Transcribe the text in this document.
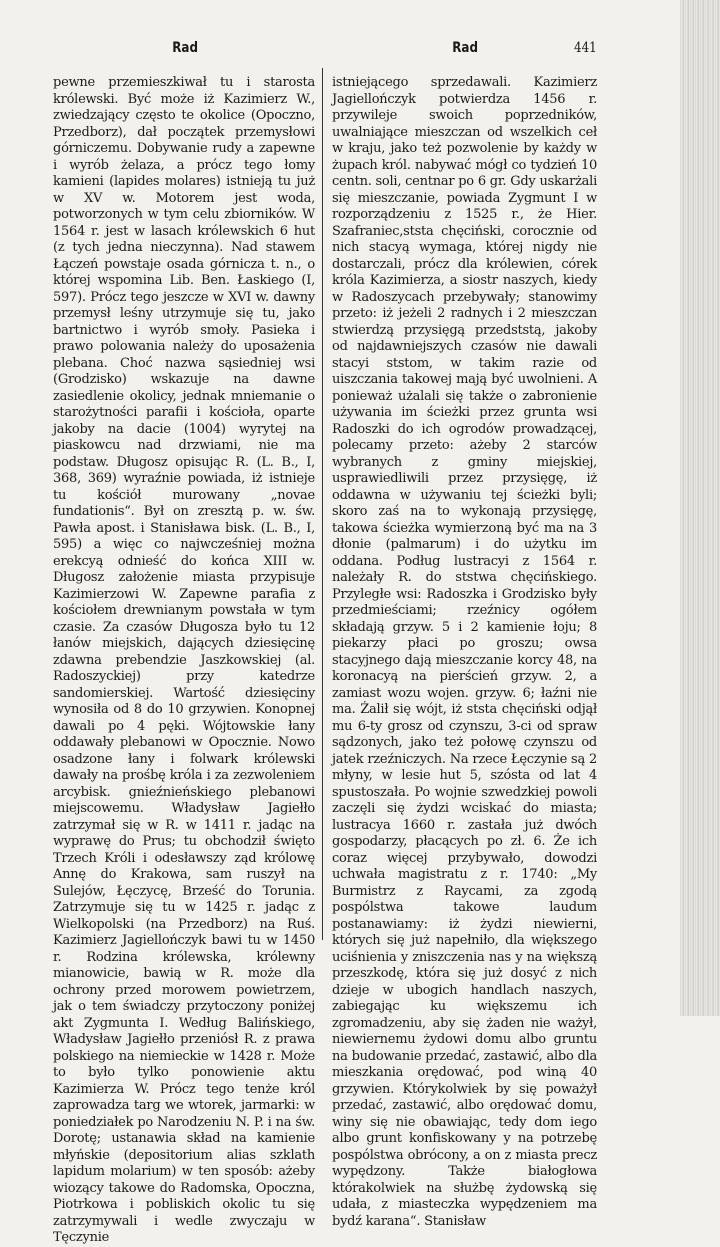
Rad	Rad	441

pewne przemieszkiwał tu i starosta królewski. Być może iż Kazimierz W., zwiedzający często te okolice (Opoczno, Przedborz), dał początek przemysłowi górniczemu. Dobywanie rudy a zapewne i wyrób żelaza, a prócz tego łomy kamieni (lapides molares) istnieją tu już w XV w. Motorem jest woda, potworzonych w tym celu zbiorników. W 1564 r. jest w lasach królewskich 6 hut (z tych jedna nieczynna). Nad stawem Łączeń powstaje osada górnicza t. n., o której wspomina Lib. Ben. Łaskiego (I, 597). Prócz tego jeszcze w XVI w. dawny przemysł leśny utrzymuje się tu, jako bartnictwo i wyrób smoły. Pasieka i prawo polowania należy do uposażenia plebana. Choć nazwa sąsiedniej wsi (Grodzisko) wskazuje na dawne zasiedlenie okolicy, jednak mniemanie o starożytności parafii i kościoła, oparte jakoby na dacie (1004) wyrytej na piaskowcu nad drzwiami, nie ma podstaw. Długosz opisując R. (L. B., I, 368, 369) wyraźnie powiada, iż istnieje tu kościół murowany „novae fundationis“. Był on zresztą p. w. św. Pawła apost. i Stanisława bisk. (L. B., I, 595) a więc co najwcześniej można erekcyą odnieść do końca XIII w. Długosz założenie miasta przypisuje Kazimierzowi W. Zapewne parafia z kościołem drewnianym powstała w tym czasie. Za czasów Długosza było tu 12 łanów miejskich, dających dziesięcinę zdawna prebendzie Jaszkowskiej (al. Radoszyckiej) przy katedrze sandomierskiej. Wartość dziesięciny wynosiła od 8 do 10 grzywien. Konopnej dawali po 4 pęki. Wójtowskie łany oddawały plebanowi w Opocznie. Nowo osadzone łany i folwark królewski dawały na prośbę króla i za zezwoleniem arcybisk. gnieźnieńskiego plebanowi miejscowemu. Władysław Jagiełło zatrzymał się w R. w 1411 r. jadąc na wyprawę do Prus; tu obchodził święto Trzech Króli i odesławszy ząd królowę Annę do Krakowa, sam ruszył na Sulejów, Łęczycę, Brześć do Torunia. Zatrzymuje się tu w 1425 r. jadąc z Wielkopolski (na Przedborz) na Ruś. Kazimierz Jagiellończyk bawi tu w 1450 r. Rodzina królewska, królewny mianowicie, bawią w R. może dla ochrony przed morowem powietrzem, jak o tem świadczy przytoczony poniżej akt Zygmunta I. Według Balińskiego, Władysław Jagiełło przeniósł R. z prawa polskiego na niemieckie w 1428 r. Może to było tylko ponowienie aktu Kazimierza W. Prócz tego tenże król zaprowadza targ we wtorek, jarmarki: w poniedziałek po Narodzeniu N. P. i na św. Dorotę; ustanawia skład na kamienie młyńskie (depositorium alias szklath lapidum molarium) w ten sposób: ażeby wiozący takowe do Radomska, Opoczna, Piotrkowa i pobliskich okolic tu się zatrzymywali i wedle zwyczaju w Tęczynie

istniejącego sprzedawali. Kazimierz Jagiellończyk potwierdza 1456 r. przywileje swoich poprzedników, uwalniające mieszczan od wszelkich ceł w kraju, jako też pozwolenie by każdy w żupach król. nabywać mógł co tydzień 10 centn. soli, centnar po 6 gr. Gdy uskarżali się mieszczanie, powiada Zygmunt I w rozporządzeniu z 1525 r., że Hier. Szafraniec,ststa chęciński, corocznie od nich stacyą wymaga, której nigdy nie dostarczali, prócz dla królewien, córek króla Kazimierza, a siostr naszych, kiedy w Radoszycach przebywały; stanowimy przeto: iż jeżeli 2 radnych i 2 mieszczan stwierdzą przysięgą przedststą, jakoby od najdawniejszych czasów nie dawali stacyi ststom, w takim razie od uiszczania takowej mają być uwolnieni. A ponieważ użalali się także o zabronienie używania im ścieżki przez grunta wsi Radoszki do ich ogrodów prowadzącej, polecamy przeto: ażeby 2 starców wybranych z gminy miejskiej, usprawiedliwili przez przysięgę, iż oddawna w używaniu tej ścieżki byli; skoro zaś na to wykonają przysięgę, takowa ścieżka wymierzoną być ma na 3 dłonie (palmarum) i do użytku im oddana. Podług lustracyi z 1564 r. należały R. do ststwa chęcińskiego. Przyległe wsi: Radoszka i Grodzisko były przedmieściami; rzeźnicy ogółem składają grzyw. 5 i 2 kamienie łoju; 8 piekarzy płaci po groszu; owsa stacyjnego dają mieszczanie korcy 48, na koronacyą na pierścień grzyw. 2, a zamiast wozu wojen. grzyw. 6; łaźni nie ma. Żalił się wójt, iż ststa chęciński odjął mu 6-ty grosz od czynszu, 3-ci od spraw sądzonych, jako też połowę czynszu od jatek rzeźniczych. Na rzece Łęczynie są 2 młyny, w lesie hut 5, szósta od lat 4 spustoszała. Po wojnie szwedzkiej powoli zaczęli się żydzi wciskać do miasta; lustracya 1660 r. zastała już dwóch gospodarzy, płacących po zł. 6. Że ich coraz więcej przybywało, dowodzi uchwała magistratu z r. 1740: „My Burmistrz z Raycami, za zgodą pospólstwa takowe laudum postanawiamy: iż żydzi niewierni, których się już napełniło, dla większego uciśnienia y zniszczenia nas y na większą przeszkodę, która się już dosyć z nich dzieje w ubogich handlach naszych, zabiegając ku większemu ich zgromadzeniu, aby się żaden nie ważył, niewiernemu żydowi domu albo gruntu na budowanie przedać, zastawić, albo dla mieszkania orędować, pod winą 40 grzywien. Którykolwiek by się poważył przedać, zastawić, albo orędować domu, winy się nie obawiając, tedy dom iego albo grunt konfiskowany y na potrzebę pospólstwa obrócony, a on z miasta precz wypędzony. Także białogłowa którakolwiek na służbę żydowską się udała, z miasteczka wypędzeniem ma bydź karana“. Stanisław
